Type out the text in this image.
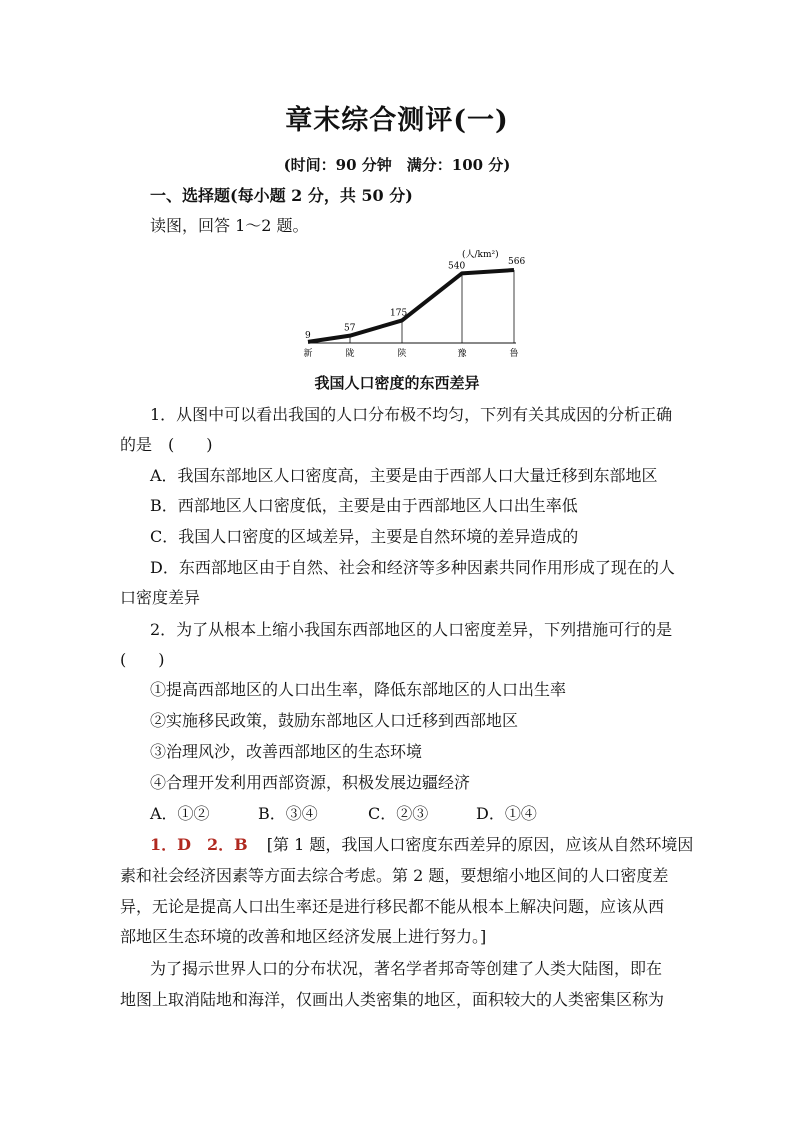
章末综合测评(一)
(时间：90 分钟　满分：100 分)
一、选择题(每小题 2 分，共 50 分)
读图，回答 1～2 题。
(人/km²)
9
新
57
陇
175
陕
540
豫
566
鲁
我国人口密度的东西差异
1．从图中可以看出我国的人口分布极不均匀，下列有关其成因的分析正确
的是　(　　)
A．我国东部地区人口密度高，主要是由于西部人口大量迁移到东部地区
B．西部地区人口密度低，主要是由于西部地区人口出生率低
C．我国人口密度的区域差异，主要是自然环境的差异造成的
D．东西部地区由于自然、社会和经济等多种因素共同作用形成了现在的人
口密度差异
2．为了从根本上缩小我国东西部地区的人口密度差异，下列措施可行的是
(　　)
①提高西部地区的人口出生率，降低东部地区的人口出生率
②实施移民政策，鼓励东部地区人口迁移到西部地区
③治理风沙，改善西部地区的生态环境
④合理开发利用西部资源，积极发展边疆经济
A．①②	B．③④	C．②③	D．①④
1．D　2．B [第 1 题，我国人口密度东西差异的原因，应该从自然环境因
素和社会经济因素等方面去综合考虑。第 2 题，要想缩小地区间的人口密度差
异，无论是提高人口出生率还是进行移民都不能从根本上解决问题，应该从西
部地区生态环境的改善和地区经济发展上进行努力。]
为了揭示世界人口的分布状况，著名学者邦奇等创建了人类大陆图，即在
地图上取消陆地和海洋，仅画出人类密集的地区，面积较大的人类密集区称为
